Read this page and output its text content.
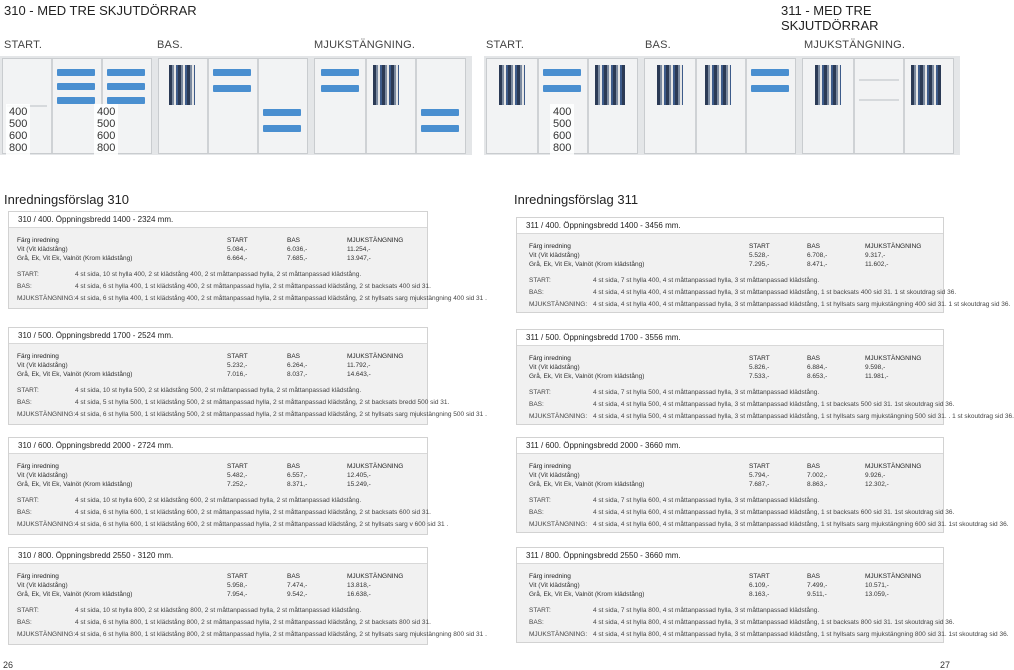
310 - MED TRE SKJUTDÖRRAR
START.	BAS.	MJUKSTÄNGNING.
400
500
600
800
400
500
600
800
Inredningsförslag 310
311 - MED TRE SKJUTDÖRRAR
START.	BAS.	MJUKSTÄNGNING.
400
500
600
800
Inredningsförslag 311
310 / 400. Öppningsbredd 1400 - 2324 mm.
Färg inredning	START	BAS	MJUKSTÄNGNING
Vit (Vit klädstång)	5.084,-	6.036,-	11.254,-
Grå, Ek, Vit Ek, Valnöt (Krom klädstång)	6.664,-	7.685,-	13.947,-
START:	4 st sida, 10 st hylla 400, 2 st klädstång 400, 2 st måttanpassad hylla, 2 st måttanpassad klädstång.
BAS:	4 st sida, 6 st hylla 400, 1 st klädstång 400, 2 st måttanpassad hylla, 2 st måttanpassad klädstång, 2 st backsats 400 sid 31.
MJUKSTÄNGNING: 4 st sida, 6 st hylla 400, 1 st klädstång 400, 2 st måttanpassad hylla, 2 st måttanpassad klädstång, 2 st hyllsats sarg mjukstängning 400 sid 31 .
310 / 500. Öppningsbredd 1700 - 2524 mm.
Färg inredning	START	BAS	MJUKSTÄNGNING
Vit (Vit klädstång)	5.232,-	6.264,-	11.792,-
Grå, Ek, Vit Ek, Valnöt (Krom klädstång)	7.016,-	8.037,-	14.643,-
START:	4 st sida, 10 st hylla 500, 2 st klädstång 500, 2 st måttanpassad hylla, 2 st måttanpassad klädstång.
BAS:	4 st sida, 5 st hylla 500, 1 st klädstång 500, 2 st måttanpassad hylla, 2 st måttanpassad klädstång, 2 st backsats bredd 500 sid 31.
MJUKSTÄNGNING: 4 st sida, 6 st hylla 500, 1 st klädstång 500, 2 st måttanpassad hylla, 2 st måttanpassad klädstång, 2 st hyllsats sarg mjukstängning 500 sid 31 .
310 / 600. Öppningsbredd 2000 - 2724 mm.
Färg inredning	START	BAS	MJUKSTÄNGNING
Vit (Vit klädstång)	5.482,-	6.557,-	12.405,-
Grå, Ek, Vit Ek, Valnöt (Krom klädstång)	7.252,-	8.371,-	15.249,-
START:	4 st sida, 10 st hylla 600, 2 st klädstång 600, 2 st måttanpassad hylla, 2 st måttanpassad klädstång.
BAS:	4 st sida, 6 st hylla 600, 1 st klädstång 600, 2 st måttanpassad hylla, 2 st måttanpassad klädstång, 2 st backsats 600 sid 31.
MJUKSTÄNGNING: 4 st sida, 6 st hylla 600, 1 st klädstång 600, 2 st måttanpassad hylla, 2 st måttanpassad klädstång, 2 st hyllsats sarg v 600 sid 31 .
310 / 800. Öppningsbredd 2550 - 3120 mm.
Färg inredning	START	BAS	MJUKSTÄNGNING
Vit (Vit klädstång)	5.958,-	7.474,-	13.818,-
Grå, Ek, Vit Ek, Valnöt (Krom klädstång)	7.954,-	9.542,-	16.638,-
START:	4 st sida, 10 st hylla 800, 2 st klädstång 800, 2 st måttanpassad hylla, 2 st måttanpassad klädstång.
BAS:	4 st sida, 6 st hylla 800, 1 st klädstång 800, 2 st måttanpassad hylla, 2 st måttanpassad klädstång, 2 st backsats 800 sid 31.
MJUKSTÄNGNING: 4 st sida, 6 st hylla 800, 1 st klädstång 800, 2 st måttanpassad hylla, 2 st måttanpassad klädstång, 2 st hyllsats sarg mjukstängning 800 sid 31 .
311 / 400. Öppningsbredd 1400 - 3456 mm.
Färg inredning	START	BAS	MJUKSTÄNGNING
Vit (Vit klädstång)	5.528,-	6.708,-	9.317,-
Grå, Ek, Vit Ek, Valnöt (Krom klädstång)	7.295,-	8.471,-	11.602,-
START:	4 st sida, 7 st hylla 400, 4 st måttanpassad hylla, 3 st måttanpassad klädstång.
BAS:	4 st sida, 4 st hylla 400, 4 st måttanpassad hylla, 3 st måttanpassad klädstång, 1 st backsats 400 sid 31. 1 st skoutdrag sid 36.
MJUKSTÄNGNING: 4 st sida, 4 st hylla 400, 4 st måttanpassad hylla, 3 st måttanpassad klädstång, 1 st hyllsats sarg mjukstängning 400 sid 31. 1 st skoutdrag sid 36.
311 / 500. Öppningsbredd 1700 - 3556 mm.
Färg inredning	START	BAS	MJUKSTÄNGNING
Vit (Vit klädstång)	5.826,-	6.884,-	9.598,-
Grå, Ek, Vit Ek, Valnöt (Krom klädstång)	7.533,-	8.653,-	11.981,-
START:	4 st sida, 7 st hylla 500, 4 st måttanpassad hylla, 3 st måttanpassad klädstång.
BAS:	4 st sida, 4 st hylla 500, 4 st måttanpassad hylla, 3 st måttanpassad klädstång, 1 st backsats 500 sid 31. 1st skoutdrag sid 36.
MJUKSTÄNGNING: 4 st sida, 4 st hylla 500, 4 st måttanpassad hylla, 3 st måttanpassad klädstång, 1 st hyllsats sarg mjukstängning 500 sid 31. . 1 st skoutdrag sid 36.
311 / 600. Öppningsbredd 2000 - 3660 mm.
Färg inredning	START	BAS	MJUKSTÄNGNING
Vit (Vit klädstång)	5.794,-	7.002,-	9.926,-
Grå, Ek, Vit Ek, Valnöt (Krom klädstång)	7.687,-	8.863,-	12.302,-
START:	4 st sida, 7 st hylla 600, 4 st måttanpassad hylla, 3 st måttanpassad klädstång.
BAS:	4 st sida, 4 st hylla 600, 4 st måttanpassad hylla, 3 st måttanpassad klädstång, 1 st backsats 600 sid 31. 1st skoutdrag sid 36.
MJUKSTÄNGNING: 4 st sida, 4 st hylla 600, 4 st måttanpassad hylla, 3 st måttanpassad klädstång, 1 st hyllsats sarg mjukstängning 600 sid 31. 1st skoutdrag sid 36.
311 / 800. Öppningsbredd 2550 - 3660 mm.
Färg inredning	START	BAS	MJUKSTÄNGNING
Vit (Vit klädstång)	6.109,-	7.499,-	10.571,-
Grå, Ek, Vit Ek, Valnöt (Krom klädstång)	8.163,-	9.511,-	13.059,-
START:	4 st sida, 7 st hylla 800, 4 st måttanpassad hylla, 3 st måttanpassad klädstång.
BAS:	4 st sida, 4 st hylla 800, 4 st måttanpassad hylla, 3 st måttanpassad klädstång, 1 st backsats 800 sid 31. 1st skoutdrag sid 36.
MJUKSTÄNGNING: 4 st sida, 4 st hylla 800, 4 st måttanpassad hylla, 3 st måttanpassad klädstång, 1 st hyllsats sarg mjukstängning 800 sid 31. 1st skoutdrag sid 36.
26	27
